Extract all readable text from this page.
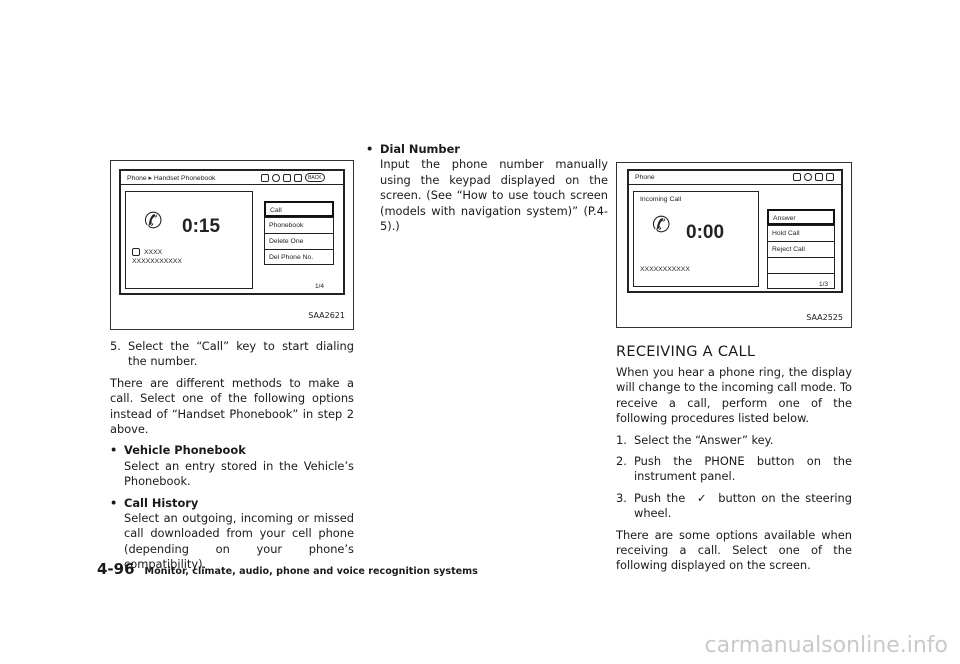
Phone ▸ Handset Phonebook	BACK
✆ 0:15
XXXX
XXXXXXXXXXX
Call
Phonebook
Delete One
Del Phone No.
1/4
SAA2621
Phone
Incoming Call
✆ 0:00
XXXXXXXXXXX
Answer
Hold Call
Reject Call
1/3
SAA2525
5. Select the “Call” key to start dialing the number.

There are different methods to make a call. Select one of the following options instead of “Handset Phonebook” in step 2 above.

• Vehicle Phonebook

Select an entry stored in the Vehicle’s Phonebook.

• Call History

Select an outgoing, incoming or missed call downloaded from your cell phone (depending on your phone’s compatibility).

• Dial Number

Input the phone number manually using the keypad displayed on the screen. (See “How to use touch screen (models with navigation system)” (P.4-5).)

RECEIVING A CALL

When you hear a phone ring, the display will change to the incoming call mode. To receive a call, perform one of the following procedures listed below.

1. Select the “Answer” key.
2. Push the PHONE button on the instrument panel.
3. Push the ✓ button on the steering wheel.

There are some options available when receiving a call. Select one of the following displayed on the screen.

4-96 Monitor, climate, audio, phone and voice recognition systems
carmanualsonline.info
